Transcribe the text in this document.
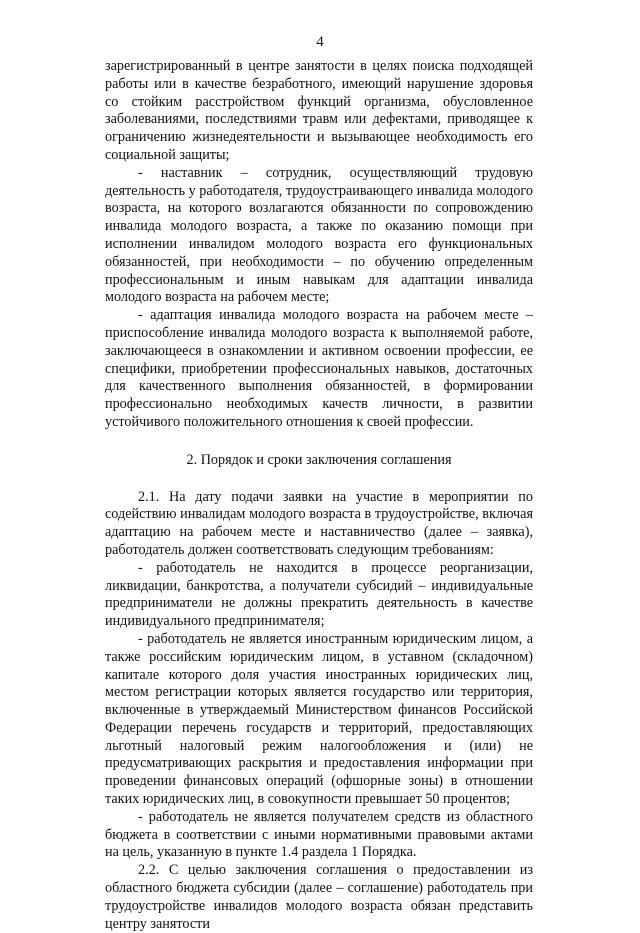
4

зарегистрированный в центре занятости в целях поиска подходящей работы или в качестве безработного, имеющий нарушение здоровья со стойким расстройством функций организма, обусловленное заболеваниями, последствиями травм или дефектами, приводящее к ограничению жизнедеятельности и вызывающее необходимость его социальной защиты;

- наставник – сотрудник, осуществляющий трудовую деятельность у работодателя, трудоустраивающего инвалида молодого возраста, на которого возлагаются обязанности по сопровождению инвалида молодого возраста, а также по оказанию помощи при исполнении инвалидом молодого возраста его функциональных обязанностей, при необходимости – по обучению определенным профессиональным и иным навыкам для адаптации инвалида молодого возраста на рабочем месте;

- адаптация инвалида молодого возраста на рабочем месте – приспособление инвалида молодого возраста к выполняемой работе, заключающееся в ознакомлении и активном освоении профессии, ее специфики, приобретении профессиональных навыков, достаточных для качественного выполнения обязанностей, в формировании профессионально необходимых качеств личности, в развитии устойчивого положительного отношения к своей профессии.

2. Порядок и сроки заключения соглашения

2.1. На дату подачи заявки на участие в мероприятии по содействию инвалидам молодого возраста в трудоустройстве, включая адаптацию на рабочем месте и наставничество (далее – заявка), работодатель должен соответствовать следующим требованиям:

- работодатель не находится в процессе реорганизации, ликвидации, банкротства, а получатели субсидий – индивидуальные предприниматели не должны прекратить деятельность в качестве индивидуального предпринимателя;

- работодатель не является иностранным юридическим лицом, а также российским юридическим лицом, в уставном (складочном) капитале которого доля участия иностранных юридических лиц, местом регистрации которых является государство или территория, включенные в утверждаемый Министерством финансов Российской Федерации перечень государств и территорий, предоставляющих льготный налоговый режим налогообложения и (или) не предусматривающих раскрытия и предоставления информации при проведении финансовых операций (офшорные зоны) в отношении таких юридических лиц, в совокупности превышает 50 процентов;

- работодатель не является получателем средств из областного бюджета в соответствии с иными нормативными правовыми актами на цель, указанную в пункте 1.4 раздела 1 Порядка.

2.2. С целью заключения соглашения о предоставлении из областного бюджета субсидии (далее – соглашение) работодатель при трудоустройстве инвалидов молодого возраста обязан представить центру занятости
